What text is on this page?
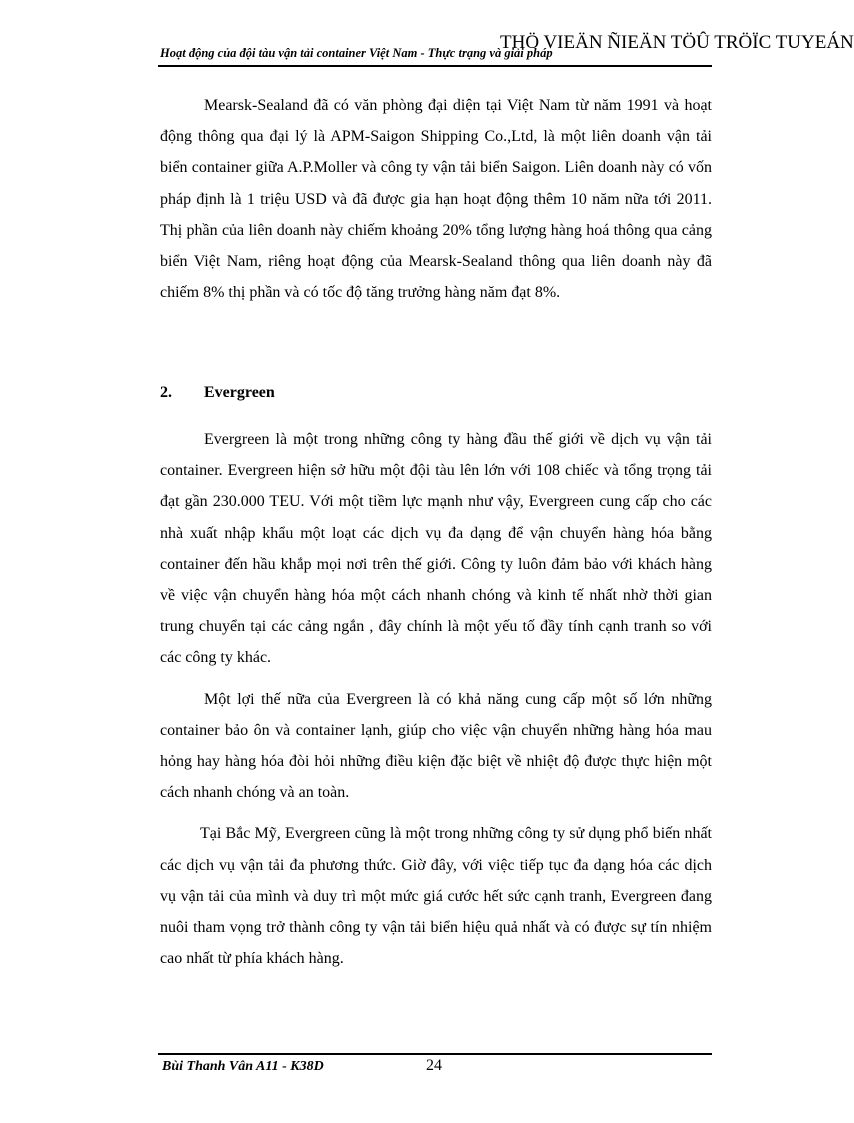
THÖ VIEÄN ÑIEÄN TÖÛ TRÖÏC TUYEÁN
Hoạt động của đội tàu vận tải container Việt Nam - Thực trạng và giải pháp

Mearsk-Sealand đã có văn phòng đại diện tại Việt Nam từ năm 1991 và hoạt động thông qua đại lý là APM-Saigon Shipping Co.,Ltd, là một liên doanh vận tải biển container giữa A.P.Moller và công ty vận tải biển Saigon. Liên doanh này có vốn pháp định là 1 triệu USD và đã được gia hạn hoạt động thêm 10 năm nữa tới 2011. Thị phần của liên doanh này chiếm khoảng 20% tổng lượng hàng hoá thông qua cảng biển Việt Nam, riêng hoạt động của Mearsk-Sealand thông qua liên doanh này đã chiếm 8% thị phần và có tốc độ tăng trưởng hàng năm đạt 8%.

2. Evergreen

Evergreen là một trong những công ty hàng đầu thế giới về dịch vụ vận tải container. Evergreen hiện sở hữu một đội tàu lên lớn với 108 chiếc và tổng trọng tải đạt gần 230.000 TEU. Với một tiềm lực mạnh như vậy, Evergreen cung cấp cho các nhà xuất nhập khẩu một loạt các dịch vụ đa dạng để vận chuyển hàng hóa bằng container đến hầu khắp mọi nơi trên thế giới. Công ty luôn đảm bảo với khách hàng về việc vận chuyển hàng hóa một cách nhanh chóng và kinh tế nhất nhờ thời gian trung chuyển tại các cảng ngắn , đây chính là một yếu tố đầy tính cạnh tranh so với các công ty khác.

Một lợi thế nữa của Evergreen là có khả năng cung cấp một số lớn những container bảo ôn và container lạnh, giúp cho việc vận chuyển những hàng hóa mau hỏng hay hàng hóa đòi hỏi những điều kiện đặc biệt về nhiệt độ được thực hiện một cách nhanh chóng và an toàn.

Tại Bắc Mỹ, Evergreen cũng là một trong những công ty sử dụng phổ biến nhất các dịch vụ vận tải đa phương thức. Giờ đây, với việc tiếp tục đa dạng hóa các dịch vụ vận tải của mình và duy trì một mức giá cước hết sức cạnh tranh, Evergreen đang nuôi tham vọng trở thành công ty vận tải biển hiệu quả nhất và có được sự tín nhiệm cao nhất từ phía khách hàng.

Bùi Thanh Vân A11 - K38D	24
